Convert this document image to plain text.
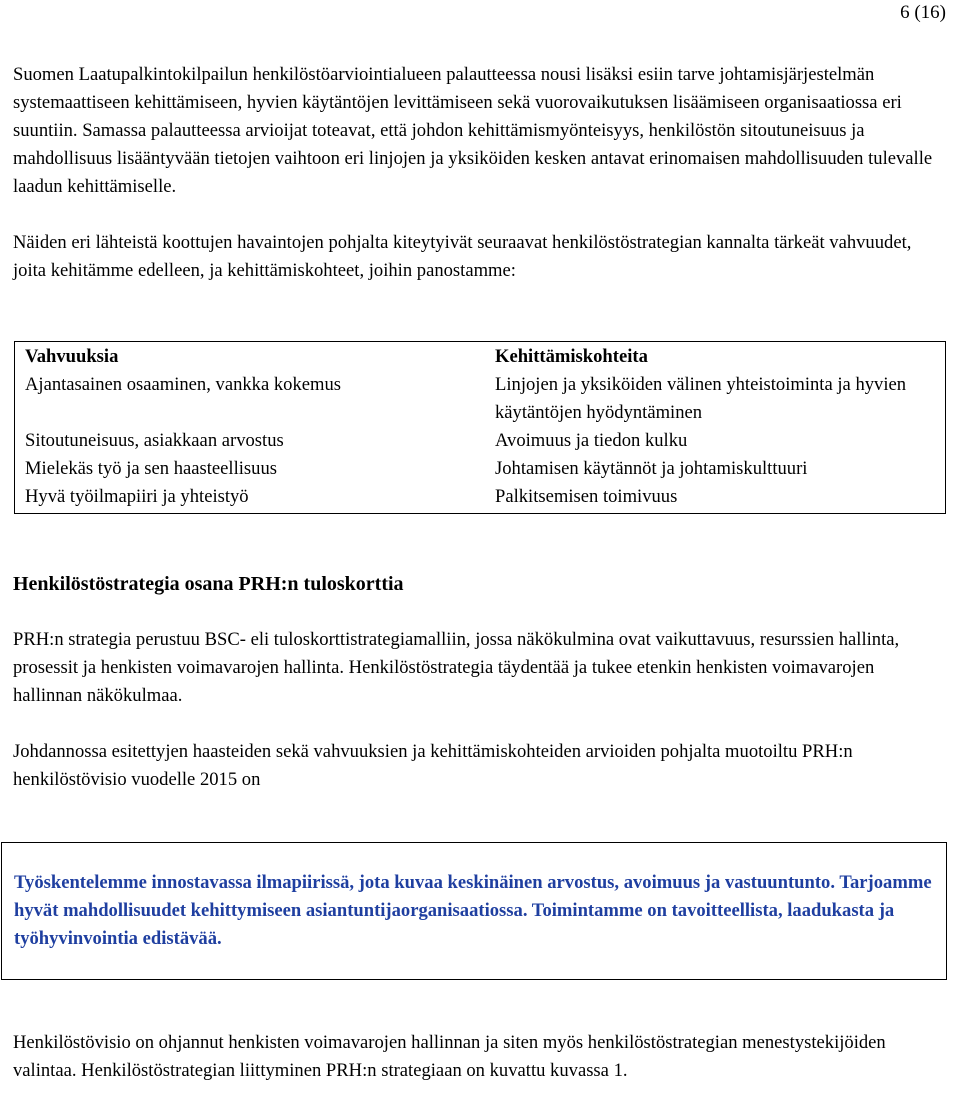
6 (16)

Suomen Laatupalkintokilpailun henkilöstöarviointialueen palautteessa nousi lisäksi esiin tarve johtamisjärjestelmän systemaattiseen kehittämiseen, hyvien käytäntöjen levittämiseen sekä vuorovaikutuksen lisäämiseen organisaatiossa eri suuntiin. Samassa palautteessa arvioijat toteavat, että johdon kehittämismyönteisyys, henkilöstön sitoutuneisuus ja mahdollisuus lisääntyvään tietojen vaihtoon eri linjojen ja yksiköiden kesken antavat erinomaisen mahdollisuuden tulevalle laadun kehittämiselle.

Näiden eri lähteistä koottujen havaintojen pohjalta kiteytyivät seuraavat henkilöstöstrategian kannalta tärkeät vahvuudet, joita kehitämme edelleen, ja kehittämiskohteet, joihin panostamme:

Vahvuuksia
Ajantasainen osaaminen, vankka kokemus
Sitoutuneisuus, asiakkaan arvostus
Mielekäs työ ja sen haasteellisuus
Hyvä työilmapiiri ja yhteistyö
Kehittämiskohteita
Linjojen ja yksiköiden välinen yhteistoiminta ja hyvien käytäntöjen hyödyntäminen
Avoimuus ja tiedon kulku
Johtamisen käytännöt ja johtamiskulttuuri
Palkitsemisen toimivuus
Henkilöstöstrategia osana PRH:n tuloskorttia

PRH:n strategia perustuu BSC- eli tuloskorttistrategiamalliin, jossa näkökulmina ovat vaikuttavuus, resurssien hallinta, prosessit ja henkisten voimavarojen hallinta. Henkilöstöstrategia täydentää ja tukee etenkin henkisten voimavarojen hallinnan näkökulmaa.

Johdannossa esitettyjen haasteiden sekä vahvuuksien ja kehittämiskohteiden arvioiden pohjalta muotoiltu PRH:n henkilöstövisio vuodelle 2015 on

Työskentelemme innostavassa ilmapiirissä, jota kuvaa keskinäinen arvostus, avoimuus ja vastuuntunto. Tarjoamme hyvät mahdollisuudet kehittymiseen asiantuntijaorganisaatiossa. Toimintamme on tavoitteellista, laadukasta ja työhyvinvointia edistävää.

Henkilöstövisio on ohjannut henkisten voimavarojen hallinnan ja siten myös henkilöstöstrategian menestystekijöiden valintaa. Henkilöstöstrategian liittyminen PRH:n strategiaan on kuvattu kuvassa 1.
